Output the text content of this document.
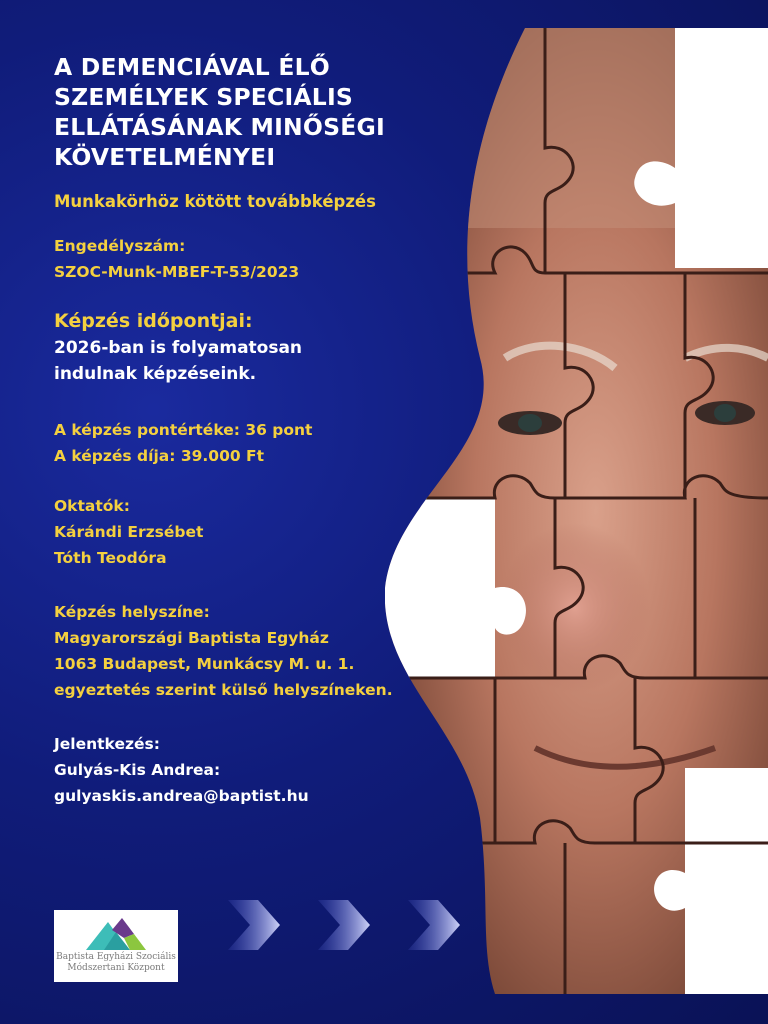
A DEMENCIÁVAL ÉLŐ
SZEMÉLYEK SPECIÁLIS
ELLÁTÁSÁNAK MINŐSÉGI
KÖVETELMÉNYEI
Munkakörhöz kötött továbbképzés
Engedélyszám:
SZOC-Munk-MBEF-T-53/2023
Képzés időpontjai:
2026-ban is folyamatosan
indulnak képzéseink.
A képzés pontértéke: 36 pont
A képzés díja: 39.000 Ft
Oktatók:
Kárándi Erzsébet
Tóth Teodóra
Képzés helyszíne:
Magyarországi Baptista Egyház
1063 Budapest, Munkácsy M. u. 1.
egyeztetés szerint külső helyszíneken.
Jelentkezés:
Gulyás-Kis Andrea:
gulyaskis.andrea@baptist.hu
Baptista Egyházi Szociális
Módszertani Központ
